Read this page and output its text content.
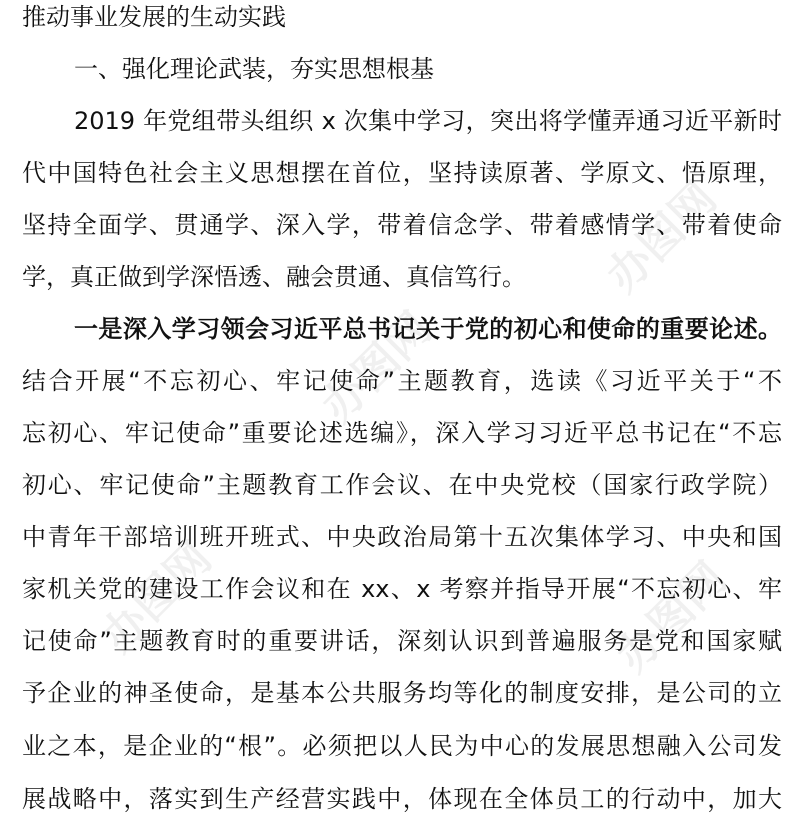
推动事业发展的生动实践
一、强化理论武装，夯实思想根基
2019 年党组带头组织 x 次集中学习，突出将学懂弄通习近平新时
代中国特色社会主义思想摆在首位，坚持读原著、学原文、悟原理，
坚持全面学、贯通学、深入学，带着信念学、带着感情学、带着使命
学，真正做到学深悟透、融会贯通、真信笃行。
一是深入学习领会习近平总书记关于党的初心和使命的重要论述。
结合开展“不忘初心、牢记使命”主题教育，选读《习近平关于“不
忘初心、牢记使命”重要论述选编》，深入学习习近平总书记在“不忘
初心、牢记使命”主题教育工作会议、在中央党校（国家行政学院）
中青年干部培训班开班式、中央政治局第十五次集体学习、中央和国
家机关党的建设工作会议和在 xx、x 考察并指导开展“不忘初心、牢
记使命”主题教育时的重要讲话，深刻认识到普遍服务是党和国家赋
予企业的神圣使命，是基本公共服务均等化的制度安排，是公司的立
业之本，是企业的“根”。必须把以人民为中心的发展思想融入公司发
展战略中，落实到生产经营实践中，体现在全体员工的行动中，加大
办图网
办图网
办图网	办图网
